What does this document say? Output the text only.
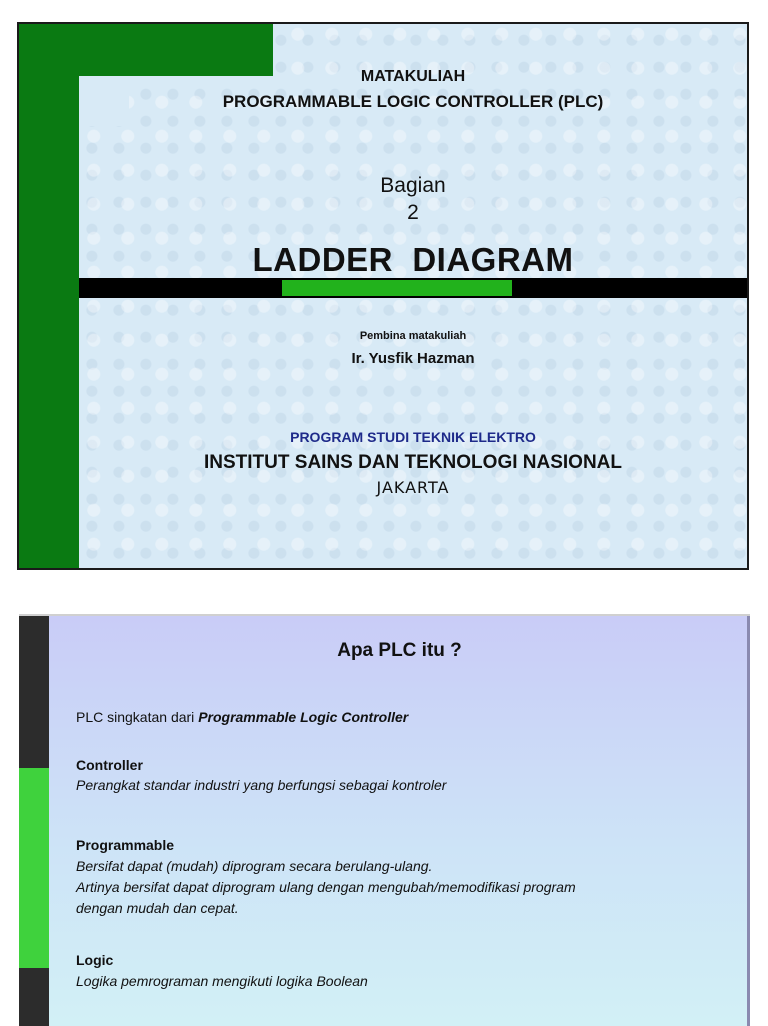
MATAKULIAH
PROGRAMMABLE LOGIC CONTROLLER (PLC)
Bagian
2
LADDER  DIAGRAM
Pembina matakuliah
Ir. Yusfik Hazman
PROGRAM STUDI TEKNIK ELEKTRO
INSTITUT SAINS DAN TEKNOLOGI NASIONAL
JAKARTA
Apa PLC itu ?
PLC singkatan dari Programmable Logic Controller
Controller
Perangkat standar industri yang berfungsi sebagai kontroler
Programmable
Bersifat dapat (mudah) diprogram secara berulang-ulang.
Artinya bersifat dapat diprogram ulang dengan mengubah/memodifikasi program
dengan mudah dan cepat.
Logic
Logika pemrograman mengikuti logika Boolean
